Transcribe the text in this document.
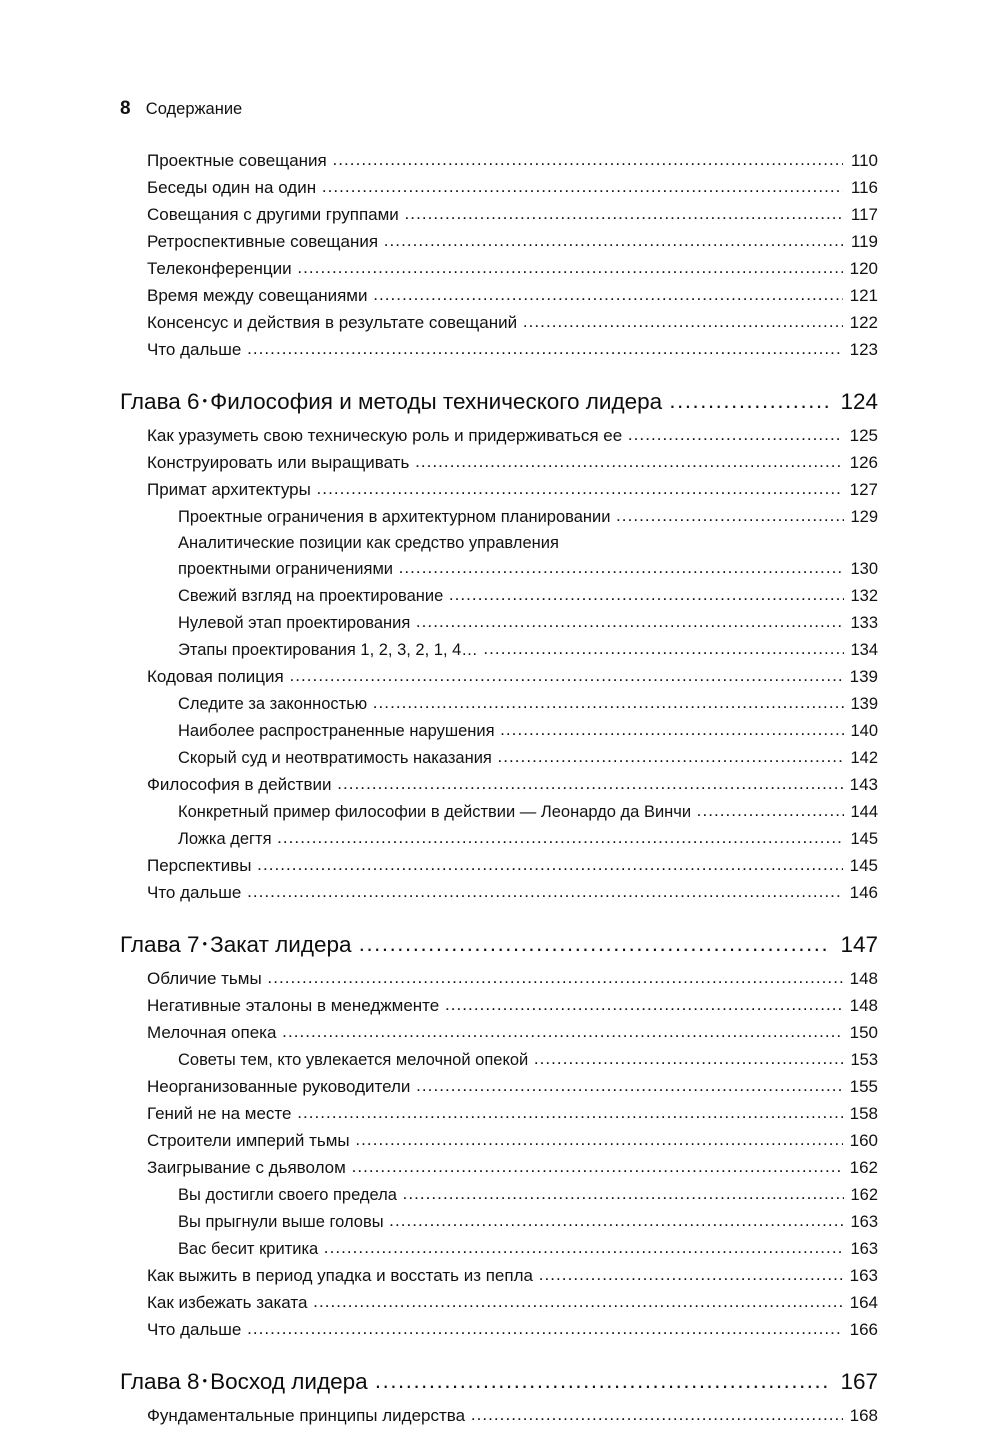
8 Содержание
Проектные совещания .....	110
Беседы один на один .....	116
Совещания с другими группами .....	117
Ретроспективные совещания .....	119
Телеконференции .....	120
Время между совещаниями .....	121
Консенсус и действия в результате совещаний .....	122
Что дальше .....	123
Глава 6 • Философия и методы технического лидера .....	124
Как уразуметь свою техническую роль и придерживаться ее .....	125
Конструировать или выращивать .....	126
Примат архитектуры .....	127
Проектные ограничения в архитектурном планировании .....	129
Аналитические позиции как средство управления
проектными ограничениями .....	130
Свежий взгляд на проектирование .....	132
Нулевой этап проектирования .....	133
Этапы проектирования 1, 2, 3, 2, 1, 4… .....	134
Кодовая полиция .....	139
Следите за законностью .....	139
Наиболее распространенные нарушения .....	140
Скорый суд и неотвратимость наказания .....	142
Философия в действии .....	143
Конкретный пример философии в действии — Леонардо да Винчи .....	144
Ложка дегтя .....	145
Перспективы .....	145
Что дальше .....	146
Глава 7 • Закат лидера .....	147
Обличие тьмы .....	148
Негативные эталоны в менеджменте .....	148
Мелочная опека .....	150
Советы тем, кто увлекается мелочной опекой .....	153
Неорганизованные руководители .....	155
Гений не на месте .....	158
Строители империй тьмы .....	160
Заигрывание с дьяволом .....	162
Вы достигли своего предела .....	162
Вы прыгнули выше головы .....	163
Вас бесит критика .....	163
Как выжить в период упадка и восстать из пепла .....	163
Как избежать заката .....	164
Что дальше .....	166
Глава 8 • Восход лидера .....	167
Фундаментальные принципы лидерства .....	168
